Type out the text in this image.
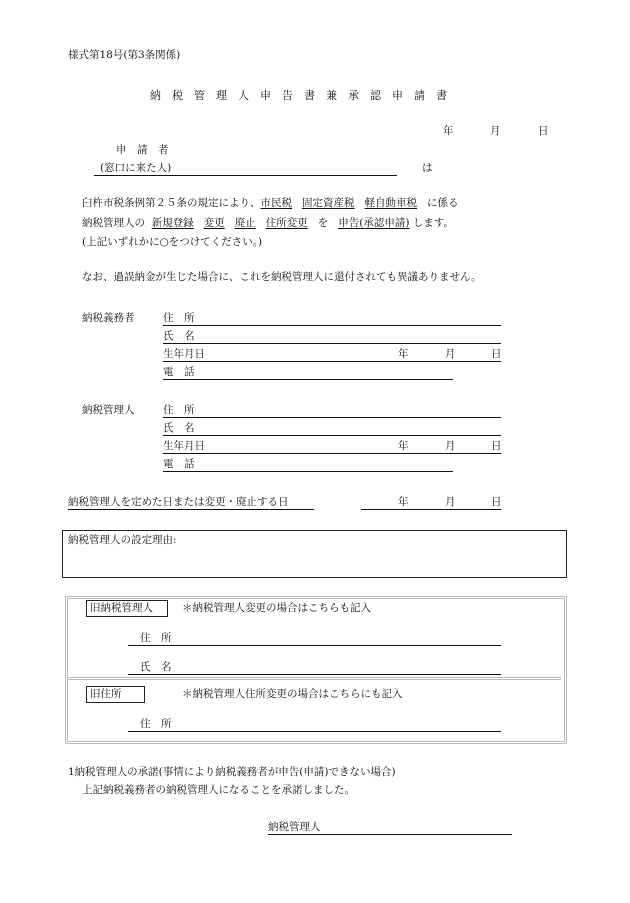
様式第18号(第3条関係)
納　税　管　理　人　申　告　書　兼　承　認　申　請　書
年	月	日
申　請　者
(窓口に来た人)	は
臼杵市税条例第２５条の規定により、市民税 固定資産税 軽自動車税 に係る
納税管理人の 新規登録 変更 廃止 住所変更 を 申告(承認申請) します。
(上記いずれかに○をつけてください。)
なお、過誤納金が生じた場合に、これを納税管理人に還付されても異議ありません。
納税義務者	住　所
氏　名
生年月日	年	月	日
電　話
納税管理人	住　所
氏　名
生年月日	年	月	日
電　話
納税管理人を定めた日または変更・廃止する日	年	月	日
納税管理人の設定理由:
旧納税管理人	＊納税管理人変更の場合はこちらも記入
住　所
氏　名
旧住所	＊納税管理人住所変更の場合はこちらにも記入
住　所
1納税管理人の承諾(事情により納税義務者が申告(申請)できない場合)
上記納税義務者の納税管理人になることを承諾しました。
納税管理人
